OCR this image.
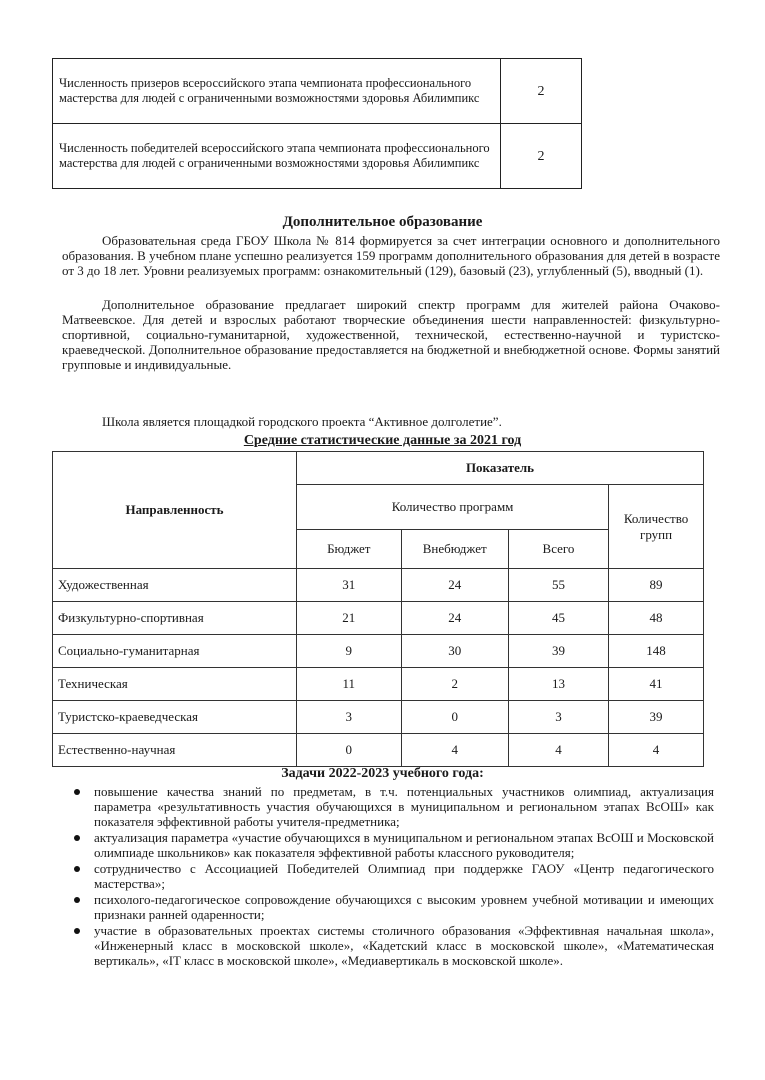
Численность призеров всероссийского этапа чемпионата профессионального мастерства для людей с ограниченными возможностями здоровья Абилимпикс	2
Численность победителей всероссийского этапа чемпионата профессионального мастерства для людей с ограниченными возможностями здоровья Абилимпикс	2
Дополнительное образование

Образовательная среда ГБОУ Школа № 814 формируется за счет интеграции основного и дополнительного образования. В учебном плане успешно реализуется 159 программ дополнительного образования для детей в возрасте от 3 до 18 лет. Уровни реализуемых программ: ознакомительный (129), базовый (23), углубленный (5), вводный (1).

Дополнительное образование предлагает широкий спектр программ для жителей района Очаково-Матвеевское. Для детей и взрослых работают творческие объединения шести направленностей: физкультурно-спортивной, социально-гуманитарной, художественной, технической, естественно-научной и туристско-краеведческой. Дополнительное образование предоставляется на бюджетной и внебюджетной основе. Формы занятий групповые и индивидуальные.

Школа является площадкой городского проекта “Активное долголетие”.

Средние статистические данные за 2021 год
Направленность	Показатель			
	Количество программ			Количество групп
	Бюджет	Внебюджет	Всего	
Художественная	31	24	55	89
Физкультурно-спортивная	21	24	45	48
Социально-гуманитарная	9	30	39	148
Техническая	11	2	13	41
Туристско-краеведческая	3	0	3	39
Естественно-научная	0	4	4	4
Задачи 2022-2023 учебного года:
повышение качества знаний по предметам, в т.ч. потенциальных участников олимпиад, актуализация параметра «результативность участия обучающихся в муниципальном и региональном этапах ВсОШ» как показателя эффективной работы учителя-предметника;
актуализация параметра «участие обучающихся в муниципальном и региональном этапах ВсОШ и Московской олимпиаде школьников» как показателя эффективной работы классного руководителя;
сотрудничество с Ассоциацией Победителей Олимпиад при поддержке ГАОУ «Центр педагогического мастерства»;
психолого-педагогическое сопровождение обучающихся с высоким уровнем учебной мотивации и имеющих признаки ранней одаренности;
участие в образовательных проектах системы столичного образования «Эффективная начальная школа», «Инженерный класс в московской школе», «Кадетский класс в московской школе», «Математическая вертикаль», «IT класс в московской школе», «Медиавертикаль в московской школе».
